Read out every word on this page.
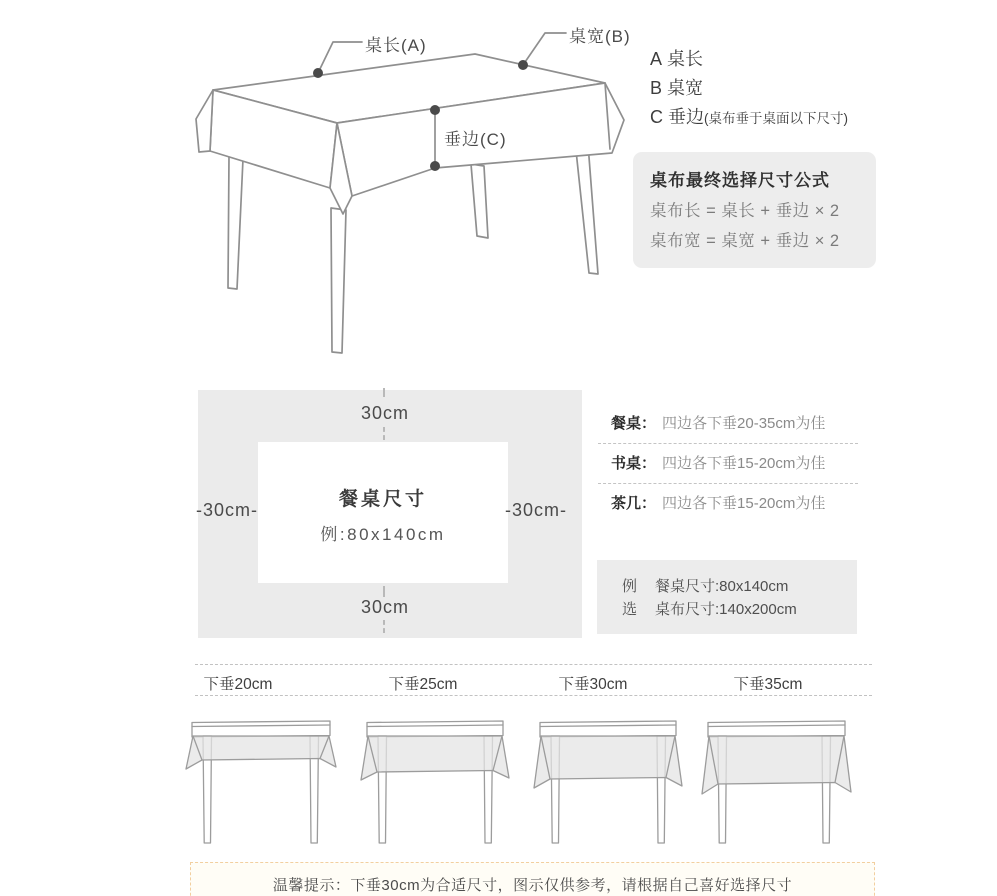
桌长(A)	桌宽(B)
垂边(C)
A 桌长
B 桌宽
C 垂边(桌布垂于桌面以下尺寸)
桌布最终选择尺寸公式
桌布长 = 桌长 + 垂边 × 2
桌布宽 = 桌宽 + 垂边 × 2
餐桌尺寸
例:80x140cm
30cm
30cm
-30cm-	-30cm-
餐桌： 四边各下垂20-35cm为佳
书桌： 四边各下垂15-20cm为佳
茶几： 四边各下垂15-20cm为佳
例 餐桌尺寸:80x140cm
选 桌布尺寸:140x200cm
下垂20cm	下垂25cm	下垂30cm	下垂35cm
温馨提示：下垂30cm为合适尺寸，图示仅供参考，请根据自己喜好选择尺寸
